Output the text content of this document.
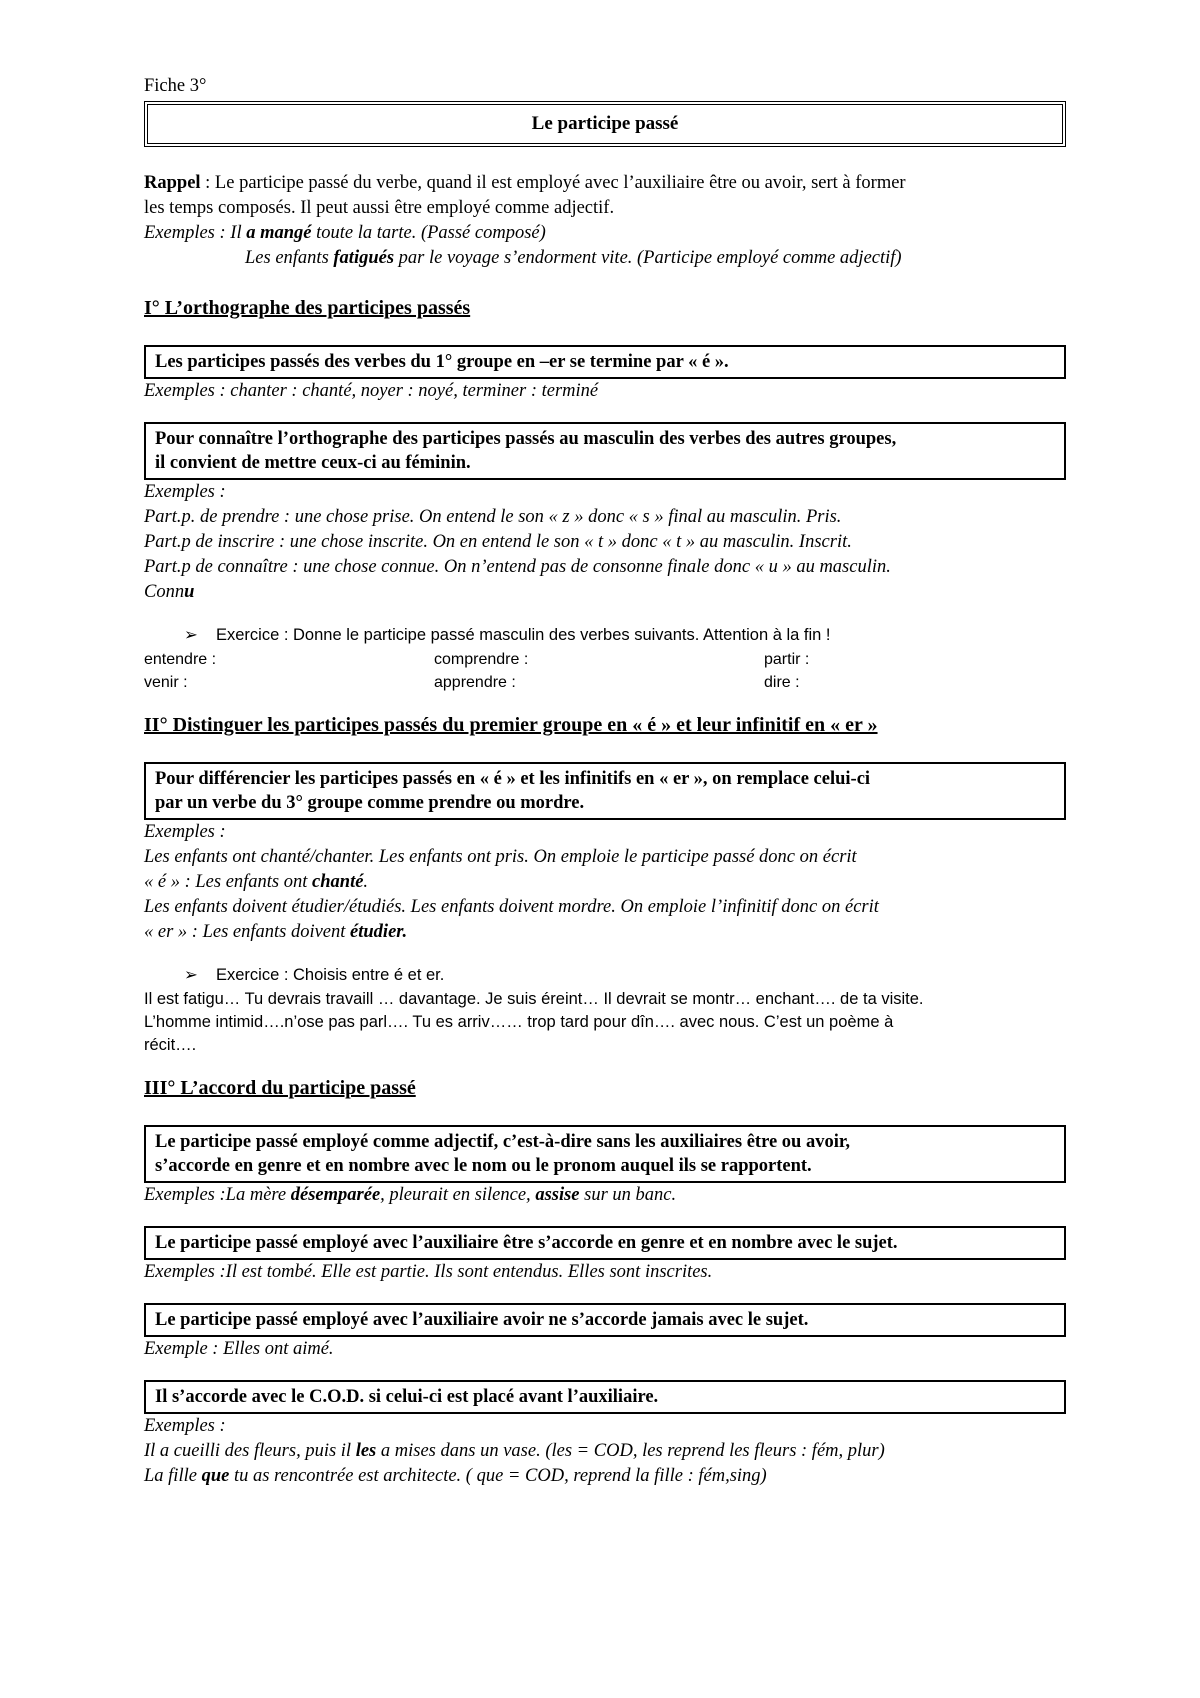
Fiche 3°

Le participe passé

Rappel : Le participe passé du verbe, quand il est employé avec l’auxiliaire être ou avoir, sert à former

les temps composés. Il peut aussi être employé comme adjectif.

Exemples : Il a mangé toute la tarte. (Passé composé)

Les enfants fatigués par le voyage s’endorment vite. (Participe employé comme adjectif)

I° L’orthographe des participes passés
Les participes passés des verbes du 1° groupe en –er se termine par « é ».

Exemples : chanter : chanté, noyer : noyé, terminer : terminé

Pour connaître l’orthographe des participes passés au masculin des verbes des autres groupes,
il convient de mettre ceux-ci au féminin.

Exemples :

Part.p. de prendre : une chose prise. On entend le son « z » donc « s » final au masculin. Pris.

Part.p de inscrire : une chose inscrite. On en entend le son « t » donc « t » au masculin. Inscrit.

Part.p de connaître : une chose connue. On n’entend pas de consonne finale donc « u » au masculin.

Connu

➢ Exercice : Donne le participe passé masculin des verbes suivants. Attention à la fin !

entendre :	comprendre :	partir :
venir :	apprendre :	dire :
II° Distinguer les participes passés du premier groupe en « é » et leur infinitif en « er »
Pour différencier les participes passés en « é » et les infinitifs en « er », on remplace celui-ci
par un verbe du 3° groupe comme prendre ou mordre.

Exemples :

Les enfants ont chanté/chanter. Les enfants ont pris. On emploie le participe passé donc on écrit

« é » : Les enfants ont chanté.

Les enfants doivent étudier/étudiés. Les enfants doivent mordre. On emploie l’infinitif donc on écrit

« er » : Les enfants doivent étudier.

➢ Exercice : Choisis entre é et er.

Il est fatigu… Tu devrais travaill … davantage. Je suis éreint… Il devrait se montr… enchant…. de ta visite.

L’homme intimid….n’ose pas parl…. Tu es arriv…… trop tard pour dîn…. avec nous. C’est un poème à

récit….

III° L’accord du participe passé
Le participe passé employé comme adjectif, c’est-à-dire sans les auxiliaires être ou avoir,
s’accorde en genre et en nombre avec le nom ou le pronom auquel ils se rapportent.

Exemples :La mère désemparée, pleurait en silence, assise sur un banc.

Le participe passé employé avec l’auxiliaire être s’accorde en genre et en nombre avec le sujet.

Exemples :Il est tombé. Elle est partie. Ils sont entendus. Elles sont inscrites.

Le participe passé employé avec l’auxiliaire avoir ne s’accorde jamais avec le sujet.

Exemple : Elles ont aimé.

Il s’accorde avec le C.O.D. si celui-ci est placé avant l’auxiliaire.

Exemples :

Il a cueilli des fleurs, puis il les a mises dans un vase. (les = COD, les reprend les fleurs : fém, plur)

La fille que tu as rencontrée est architecte. ( que = COD, reprend la fille : fém,sing)
